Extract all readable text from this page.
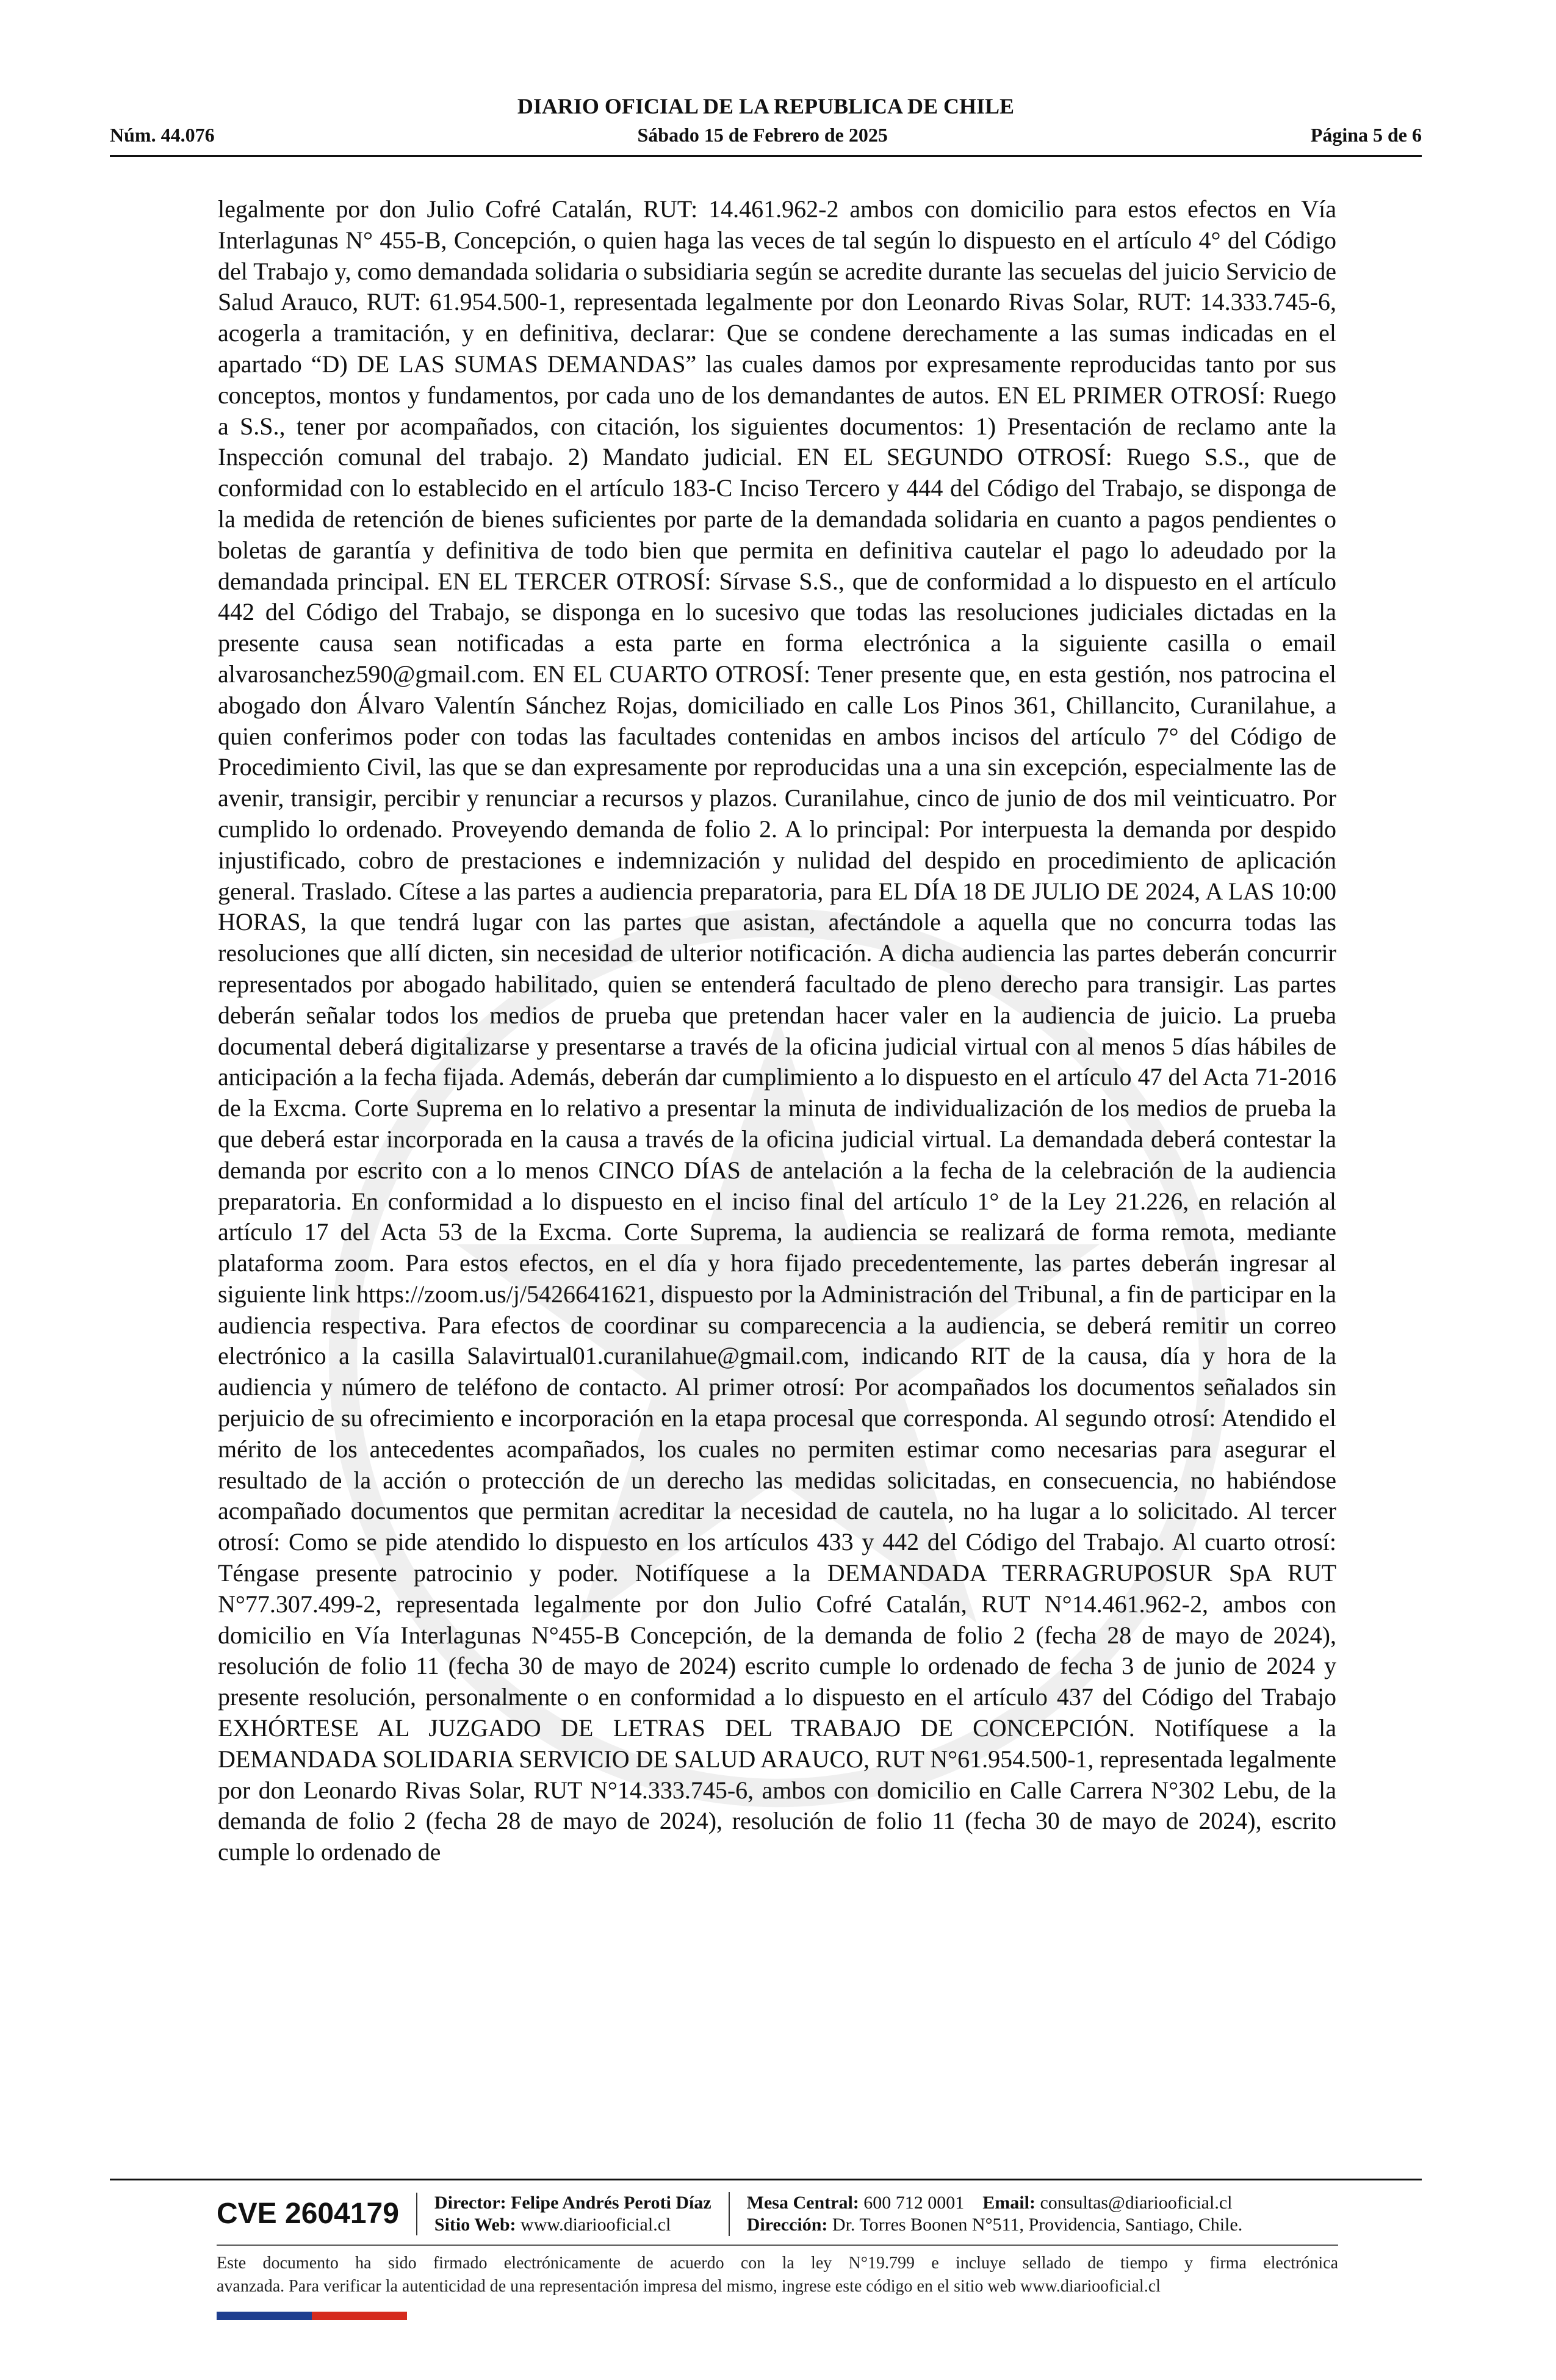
DIARIO OFICIAL DE LA REPUBLICA DE CHILE
Núm. 44.076	Sábado 15 de Febrero de 2025	Página 5 de 6

legalmente por don Julio Cofré Catalán, RUT: 14.461.962-2 ambos con domicilio para estos efectos en Vía Interlagunas N° 455-B, Concepción, o quien haga las veces de tal según lo dispuesto en el artículo 4° del Código del Trabajo y, como demandada solidaria o subsidiaria según se acredite durante las secuelas del juicio Servicio de Salud Arauco, RUT: 61.954.500-1, representada legalmente por don Leonardo Rivas Solar, RUT: 14.333.745-6, acogerla a tramitación, y en definitiva, declarar: Que se condene derechamente a las sumas indicadas en el apartado “D) DE LAS SUMAS DEMANDAS” las cuales damos por expresamente reproducidas tanto por sus conceptos, montos y fundamentos, por cada uno de los demandantes de autos. EN EL PRIMER OTROSÍ: Ruego a S.S., tener por acompañados, con citación, los siguientes documentos: 1) Presentación de reclamo ante la Inspección comunal del trabajo. 2) Mandato judicial. EN EL SEGUNDO OTROSÍ: Ruego S.S., que de conformidad con lo establecido en el artículo 183-C Inciso Tercero y 444 del Código del Trabajo, se disponga de la medida de retención de bienes suficientes por parte de la demandada solidaria en cuanto a pagos pendientes o boletas de garantía y definitiva de todo bien que permita en definitiva cautelar el pago lo adeudado por la demandada principal. EN EL TERCER OTROSÍ: Sírvase S.S., que de conformidad a lo dispuesto en el artículo 442 del Código del Trabajo, se disponga en lo sucesivo que todas las resoluciones judiciales dictadas en la presente causa sean notificadas a esta parte en forma electrónica a la siguiente casilla o email alvarosanchez590@gmail.com. EN EL CUARTO OTROSÍ: Tener presente que, en esta gestión, nos patrocina el abogado don Álvaro Valentín Sánchez Rojas, domiciliado en calle Los Pinos 361, Chillancito, Curanilahue, a quien conferimos poder con todas las facultades contenidas en ambos incisos del artículo 7° del Código de Procedimiento Civil, las que se dan expresamente por reproducidas una a una sin excepción, especialmente las de avenir, transigir, percibir y renunciar a recursos y plazos. Curanilahue, cinco de junio de dos mil veinticuatro. Por cumplido lo ordenado. Proveyendo demanda de folio 2. A lo principal: Por interpuesta la demanda por despido injustificado, cobro de prestaciones e indemnización y nulidad del despido en procedimiento de aplicación general. Traslado. Cítese a las partes a audiencia preparatoria, para EL DÍA 18 DE JULIO DE 2024, A LAS 10:00 HORAS, la que tendrá lugar con las partes que asistan, afectándole a aquella que no concurra todas las resoluciones que allí dicten, sin necesidad de ulterior notificación. A dicha audiencia las partes deberán concurrir representados por abogado habilitado, quien se entenderá facultado de pleno derecho para transigir. Las partes deberán señalar todos los medios de prueba que pretendan hacer valer en la audiencia de juicio. La prueba documental deberá digitalizarse y presentarse a través de la oficina judicial virtual con al menos 5 días hábiles de anticipación a la fecha fijada. Además, deberán dar cumplimiento a lo dispuesto en el artículo 47 del Acta 71-2016 de la Excma. Corte Suprema en lo relativo a presentar la minuta de individualización de los medios de prueba la que deberá estar incorporada en la causa a través de la oficina judicial virtual. La demandada deberá contestar la demanda por escrito con a lo menos CINCO DÍAS de antelación a la fecha de la celebración de la audiencia preparatoria. En conformidad a lo dispuesto en el inciso final del artículo 1° de la Ley 21.226, en relación al artículo 17 del Acta 53 de la Excma. Corte Suprema, la audiencia se realizará de forma remota, mediante plataforma zoom. Para estos efectos, en el día y hora fijado precedentemente, las partes deberán ingresar al siguiente link https://zoom.us/j/5426641621, dispuesto por la Administración del Tribunal, a fin de participar en la audiencia respectiva. Para efectos de coordinar su comparecencia a la audiencia, se deberá remitir un correo electrónico a la casilla Salavirtual01.curanilahue@gmail.com, indicando RIT de la causa, día y hora de la audiencia y número de teléfono de contacto. Al primer otrosí: Por acompañados los documentos señalados sin perjuicio de su ofrecimiento e incorporación en la etapa procesal que corresponda. Al segundo otrosí: Atendido el mérito de los antecedentes acompañados, los cuales no permiten estimar como necesarias para asegurar el resultado de la acción o protección de un derecho las medidas solicitadas, en consecuencia, no habiéndose acompañado documentos que permitan acreditar la necesidad de cautela, no ha lugar a lo solicitado. Al tercer otrosí: Como se pide atendido lo dispuesto en los artículos 433 y 442 del Código del Trabajo. Al cuarto otrosí: Téngase presente patrocinio y poder. Notifíquese a la DEMANDADA TERRAGRUPOSUR SpA RUT N°77.307.499-2, representada legalmente por don Julio Cofré Catalán, RUT N°14.461.962-2, ambos con domicilio en Vía Interlagunas N°455-B Concepción, de la demanda de folio 2 (fecha 28 de mayo de 2024), resolución de folio 11 (fecha 30 de mayo de 2024) escrito cumple lo ordenado de fecha 3 de junio de 2024 y presente resolución, personalmente o en conformidad a lo dispuesto en el artículo 437 del Código del Trabajo EXHÓRTESE AL JUZGADO DE LETRAS DEL TRABAJO DE CONCEPCIÓN. Notifíquese a la DEMANDADA SOLIDARIA SERVICIO DE SALUD ARAUCO, RUT N°61.954.500-1, representada legalmente por don Leonardo Rivas Solar, RUT N°14.333.745-6, ambos con domicilio en Calle Carrera N°302 Lebu, de la demanda de folio 2 (fecha 28 de mayo de 2024), resolución de folio 11 (fecha 30 de mayo de 2024), escrito cumple lo ordenado de

CVE 2604179	Director: Felipe Andrés Peroti Díaz
Sitio Web: www.diariooficial.cl
Mesa Central: 600 712 0001 Email: consultas@diariooficial.cl
Dirección: Dr. Torres Boonen N°511, Providencia, Santiago, Chile.
Este documento ha sido firmado electrónicamente de acuerdo con la ley N°19.799 e incluye sellado de tiempo y firma electrónica
avanzada. Para verificar la autenticidad de una representación impresa del mismo, ingrese este código en el sitio web www.diariooficial.cl
